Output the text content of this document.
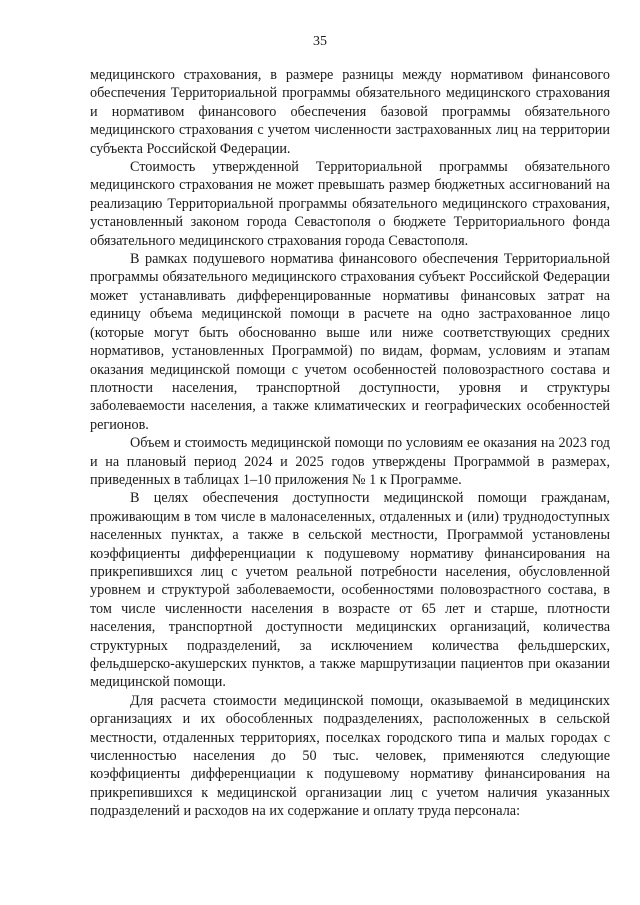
35

медицинского страхования, в размере разницы между нормативом финансового обеспечения Территориальной программы обязательного медицинского страхования и нормативом финансового обеспечения базовой программы обязательного медицинского страхования с учетом численности застрахованных лиц на территории субъекта Российской Федерации.

Стоимость утвержденной Территориальной программы обязательного медицинского страхования не может превышать размер бюджетных ассигнований на реализацию Территориальной программы обязательного медицинского страхования, установленный законом города Севастополя о бюджете Территориального фонда обязательного медицинского страхования города Севастополя.

В рамках подушевого норматива финансового обеспечения Территориальной программы обязательного медицинского страхования субъект Российской Федерации может устанавливать дифференцированные нормативы финансовых затрат на единицу объема медицинской помощи в расчете на одно застрахованное лицо (которые могут быть обоснованно выше или ниже соответствующих средних нормативов, установленных Программой) по видам, формам, условиям и этапам оказания медицинской помощи с учетом особенностей половозрастного состава и плотности населения, транспортной доступности, уровня и структуры заболеваемости населения, а также климатических и географических особенностей регионов.

Объем и стоимость медицинской помощи по условиям ее оказания на 2023 год и на плановый период 2024 и 2025 годов утверждены Программой в размерах, приведенных в таблицах 1–10 приложения № 1 к Программе.

В целях обеспечения доступности медицинской помощи гражданам, проживающим в том числе в малонаселенных, отдаленных и (или) труднодоступных населенных пунктах, а также в сельской местности, Программой установлены коэффициенты дифференциации к подушевому нормативу финансирования на прикрепившихся лиц с учетом реальной потребности населения, обусловленной уровнем и структурой заболеваемости, особенностями половозрастного состава, в том числе численности населения в возрасте от 65 лет и старше, плотности населения, транспортной доступности медицинских организаций, количества структурных подразделений, за исключением количества фельдшерских, фельдшерско-акушерских пунктов, а также маршрутизации пациентов при оказании медицинской помощи.

Для расчета стоимости медицинской помощи, оказываемой в медицинских организациях и их обособленных подразделениях, расположенных в сельской местности, отдаленных территориях, поселках городского типа и малых городах с численностью населения до 50 тыс. человек, применяются следующие коэффициенты дифференциации к подушевому нормативу финансирования на прикрепившихся к медицинской организации лиц с учетом наличия указанных подразделений и расходов на их содержание и оплату труда персонала:
